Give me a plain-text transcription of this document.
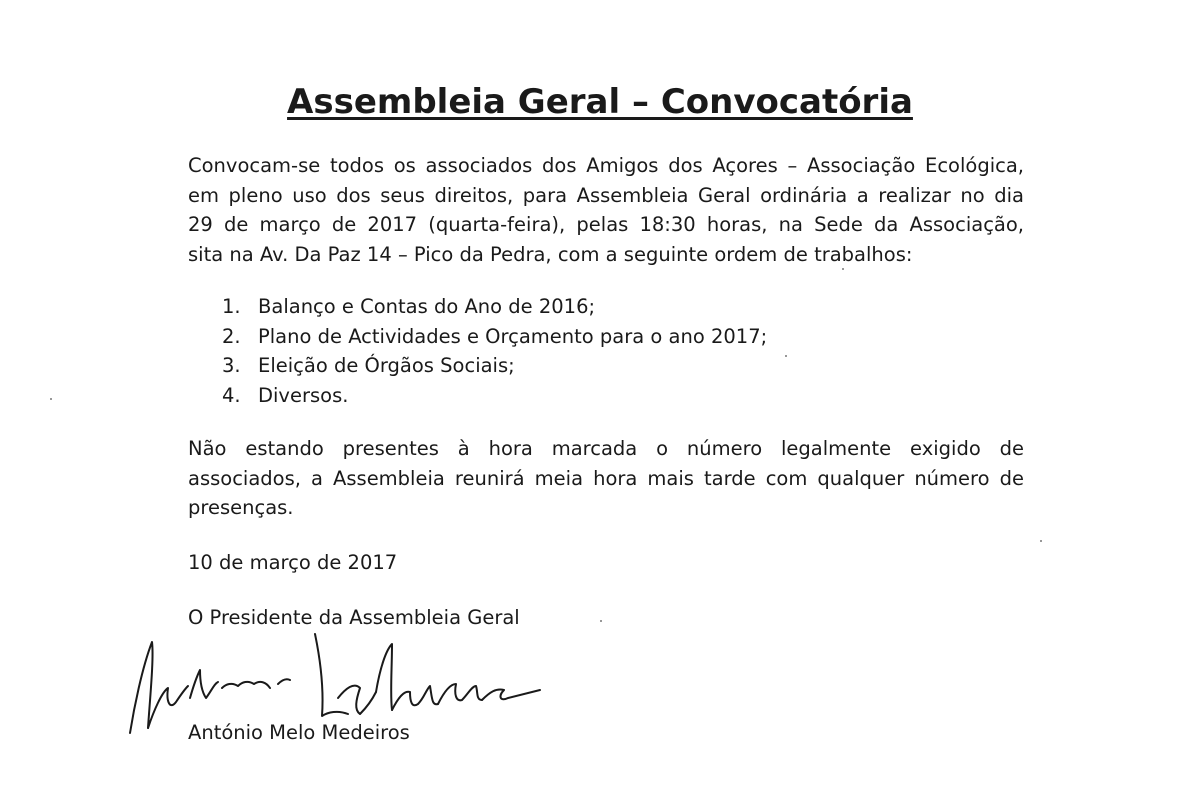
Assembleia Geral – Convocatória
Convocam-se todos os associados dos Amigos dos Açores – Associação Ecológica,
em pleno uso dos seus direitos, para Assembleia Geral ordinária a realizar no dia
29 de março de 2017 (quarta-feira), pelas 18:30 horas, na Sede da Associação,
sita na Av. Da Paz 14 – Pico da Pedra, com a seguinte ordem de trabalhos:
1. Balanço e Contas do Ano de 2016;
2. Plano de Actividades e Orçamento para o ano 2017;
3. Eleição de Órgãos Sociais;
4. Diversos.
Não estando presentes à hora marcada o número legalmente exigido de
associados, a Assembleia reunirá meia hora mais tarde com qualquer número de
presenças.
10 de março de 2017
O Presidente da Assembleia Geral
António Melo Medeiros
